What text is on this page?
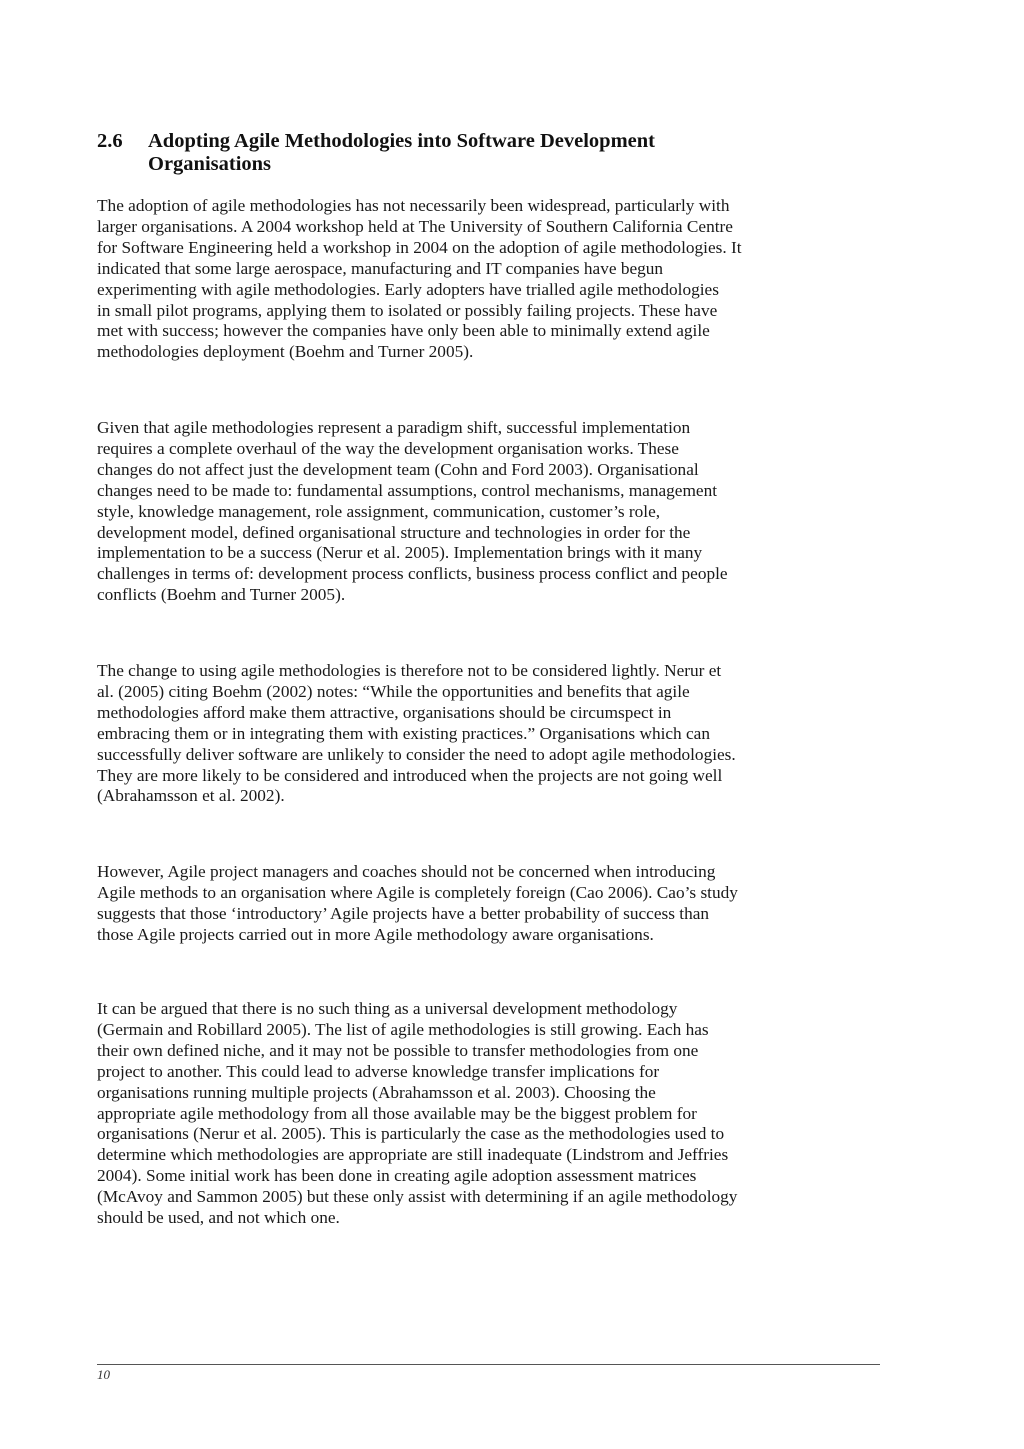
2.6 Adopting Agile Methodologies into Software Development
Organisations
The adoption of agile methodologies has not necessarily been widespread, particularly with
larger organisations. A 2004 workshop held at The University of Southern California Centre
for Software Engineering held a workshop in 2004 on the adoption of agile methodologies. It
indicated that some large aerospace, manufacturing and IT companies have begun
experimenting with agile methodologies. Early adopters have trialled agile methodologies
in small pilot programs, applying them to isolated or possibly failing projects. These have
met with success; however the companies have only been able to minimally extend agile
methodologies deployment (Boehm and Turner 2005).
Given that agile methodologies represent a paradigm shift, successful implementation
requires a complete overhaul of the way the development organisation works. These
changes do not affect just the development team (Cohn and Ford 2003). Organisational
changes need to be made to: fundamental assumptions, control mechanisms, management
style, knowledge management, role assignment, communication, customer’s role,
development model, defined organisational structure and technologies in order for the
implementation to be a success (Nerur et al. 2005). Implementation brings with it many
challenges in terms of: development process conflicts, business process conflict and people
conflicts (Boehm and Turner 2005).
The change to using agile methodologies is therefore not to be considered lightly. Nerur et
al. (2005) citing Boehm (2002) notes: “While the opportunities and benefits that agile
methodologies afford make them attractive, organisations should be circumspect in
embracing them or in integrating them with existing practices.” Organisations which can
successfully deliver software are unlikely to consider the need to adopt agile methodologies.
They are more likely to be considered and introduced when the projects are not going well
(Abrahamsson et al. 2002).
However, Agile project managers and coaches should not be concerned when introducing
Agile methods to an organisation where Agile is completely foreign (Cao 2006). Cao’s study
suggests that those ‘introductory’ Agile projects have a better probability of success than
those Agile projects carried out in more Agile methodology aware organisations.
It can be argued that there is no such thing as a universal development methodology
(Germain and Robillard 2005). The list of agile methodologies is still growing. Each has
their own defined niche, and it may not be possible to transfer methodologies from one
project to another. This could lead to adverse knowledge transfer implications for
organisations running multiple projects (Abrahamsson et al. 2003). Choosing the
appropriate agile methodology from all those available may be the biggest problem for
organisations (Nerur et al. 2005). This is particularly the case as the methodologies used to
determine which methodologies are appropriate are still inadequate (Lindstrom and Jeffries
2004). Some initial work has been done in creating agile adoption assessment matrices
(McAvoy and Sammon 2005) but these only assist with determining if an agile methodology
should be used, and not which one.
10
